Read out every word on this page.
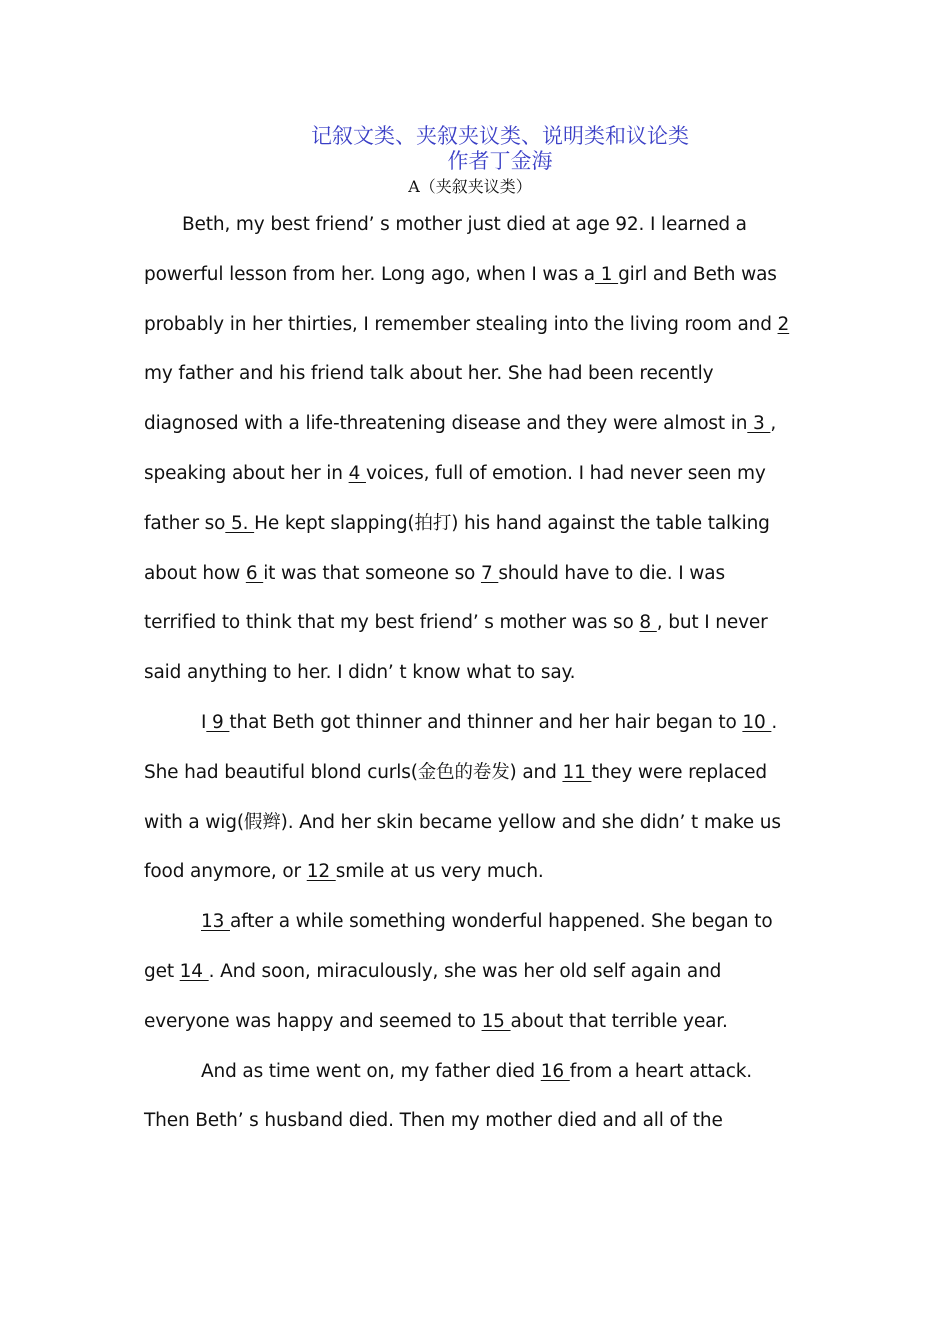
记叙文类、夹叙夹议类、说明类和议论类
作者丁金海
A（夹叙夹议类）
Beth, my best friend’ s mother just died at age 92. I learned a
powerful lesson from her. Long ago, when I was a 1 girl and Beth was
probably in her thirties, I remember stealing into the living room and 2
my father and his friend talk about her. She had been recently
diagnosed with a life-threatening disease and they were almost in 3 ,
speaking about her in 4 voices, full of emotion. I had never seen my
father so 5. He kept slapping(拍打) his hand against the table talking
about how 6 it was that someone so 7 should have to die. I was
terrified to think that my best friend’ s mother was so 8 , but I never
said anything to her. I didn’ t know what to say.
I 9 that Beth got thinner and thinner and her hair began to 10 .
She had beautiful blond curls(金色的卷发) and 11 they were replaced
with a wig(假辫). And her skin became yellow and she didn’ t make us
food anymore, or 12 smile at us very much.
13 after a while something wonderful happened. She began to
get 14 . And soon, miraculously, she was her old self again and
everyone was happy and seemed to 15 about that terrible year.
And as time went on, my father died 16 from a heart attack.
Then Beth’ s husband died. Then my mother died and all of the
